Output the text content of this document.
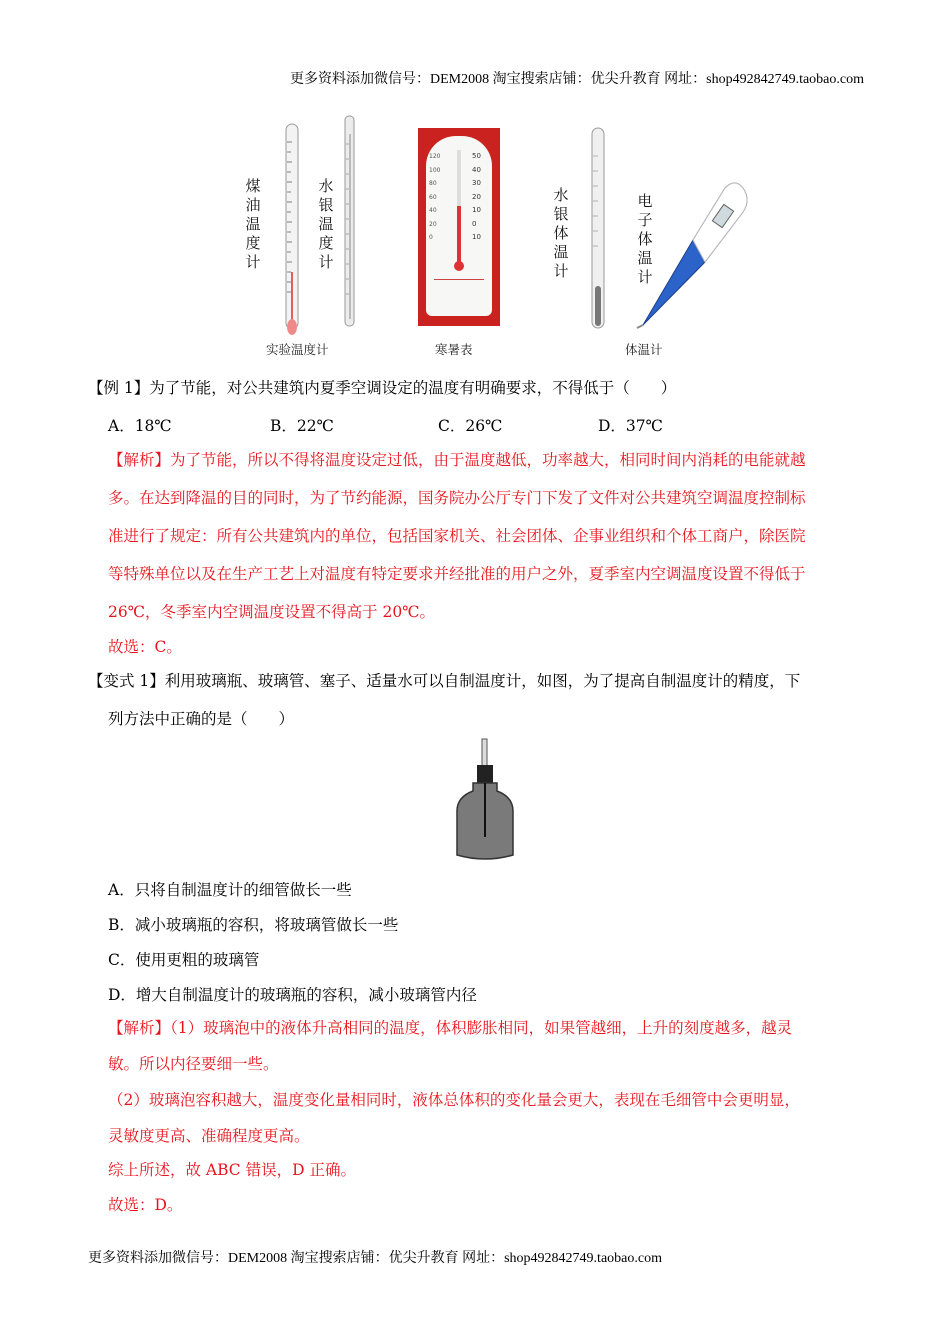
更多资料添加微信号：DEM2008 淘宝搜索店铺：优尖升教育 网址：shop492842749.taobao.com
煤
油
温
度
计
水
银
温
度
计
50
40
30
20
10
0
10
120
100
80
60
40
20
0
水
银
体
温
计
电
子
体
温
计
实验温度计	寒暑表	体温计
【例 1】为了节能，对公共建筑内夏季空调设定的温度有明确要求，不得低于（　　）
A．18℃	B．22℃	C．26℃	D．37℃
【解析】为了节能，所以不得将温度设定过低，由于温度越低，功率越大，相同时间内消耗的电能就越
多。在达到降温的目的同时，为了节约能源，国务院办公厅专门下发了文件对公共建筑空调温度控制标
准进行了规定：所有公共建筑内的单位，包括国家机关、社会团体、企事业组织和个体工商户，除医院
等特殊单位以及在生产工艺上对温度有特定要求并经批准的用户之外，夏季室内空调温度设置不得低于
26℃，冬季室内空调温度设置不得高于 20℃。
故选：C。
【变式 1】利用玻璃瓶、玻璃管、塞子、适量水可以自制温度计，如图，为了提高自制温度计的精度，下
列方法中正确的是（　　）
A．只将自制温度计的细管做长一些
B．减小玻璃瓶的容积，将玻璃管做长一些
C．使用更粗的玻璃管
D．增大自制温度计的玻璃瓶的容积，减小玻璃管内径
【解析】（1）玻璃泡中的液体升高相同的温度，体积膨胀相同，如果管越细，上升的刻度越多，越灵
敏。所以内径要细一些。
（2）玻璃泡容积越大，温度变化量相同时，液体总体积的变化量会更大，表现在毛细管中会更明显，
灵敏度更高、准确程度更高。
综上所述，故 ABC 错误，D 正确。
故选：D。
更多资料添加微信号：DEM2008 淘宝搜索店铺：优尖升教育 网址：shop492842749.taobao.com
